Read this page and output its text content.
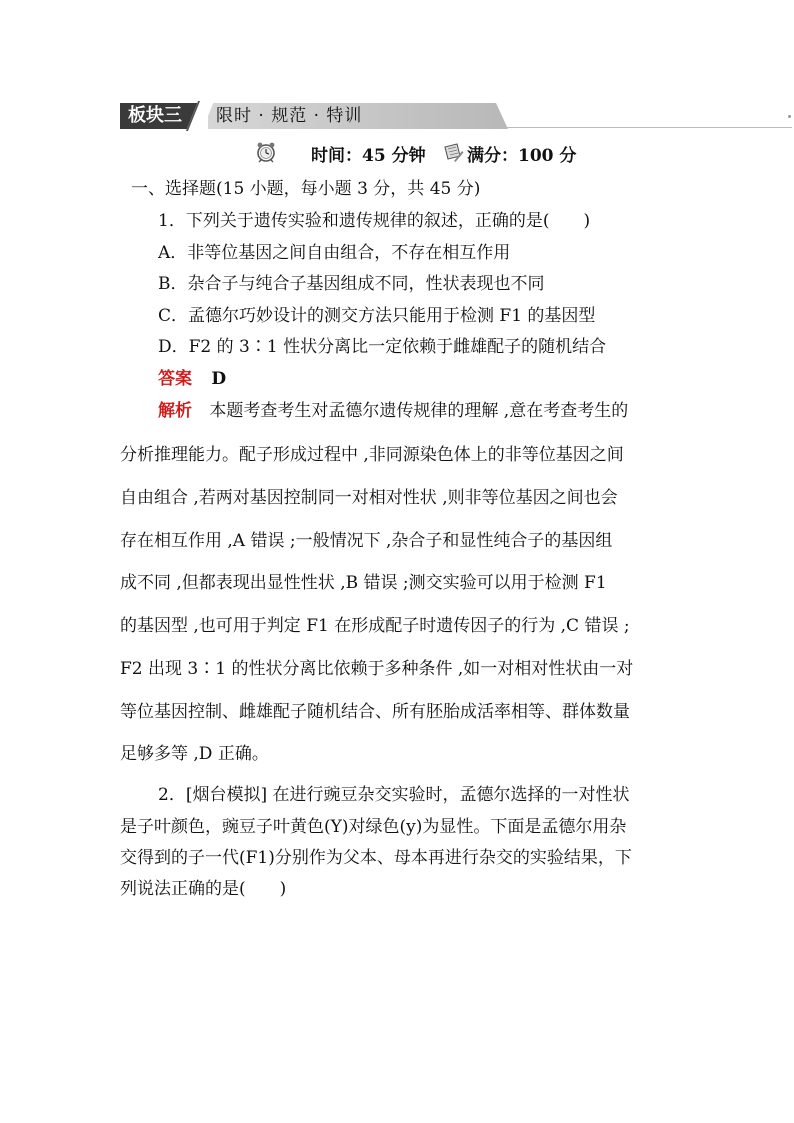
板块三	限时 · 规范 · 特训
时间：45 分钟 满分：100 分
一、选择题(15 小题，每小题 3 分，共 45 分)
1．下列关于遗传实验和遗传规律的叙述，正确的是(　　)
A．非等位基因之间自由组合，不存在相互作用
B．杂合子与纯合子基因组成不同，性状表现也不同
C．孟德尔巧妙设计的测交方法只能用于检测 F1 的基因型
D．F2 的 3∶1 性状分离比一定依赖于雌雄配子的随机结合
答案 D
解析 本题考查考生对孟德尔遗传规律的理解 ,意在考查考生的
分析推理能力。配子形成过程中 ,非同源染色体上的非等位基因之间
自由组合 ,若两对基因控制同一对相对性状 ,则非等位基因之间也会
存在相互作用 ,A 错误 ;一般情况下 ,杂合子和显性纯合子的基因组
成不同 ,但都表现出显性性状 ,B 错误 ;测交实验可以用于检测 F1
的基因型 ,也可用于判定 F1 在形成配子时遗传因子的行为 ,C 错误 ;
F2 出现 3∶1 的性状分离比依赖于多种条件 ,如一对相对性状由一对
等位基因控制、雌雄配子随机结合、所有胚胎成活率相等、群体数量
足够多等 ,D 正确。
2．[烟台模拟] 在进行豌豆杂交实验时，孟德尔选择的一对性状
是子叶颜色，豌豆子叶黄色(Y)对绿色(y)为显性。下面是孟德尔用杂
交得到的子一代(F1)分别作为父本、母本再进行杂交的实验结果，下
列说法正确的是(　　)
